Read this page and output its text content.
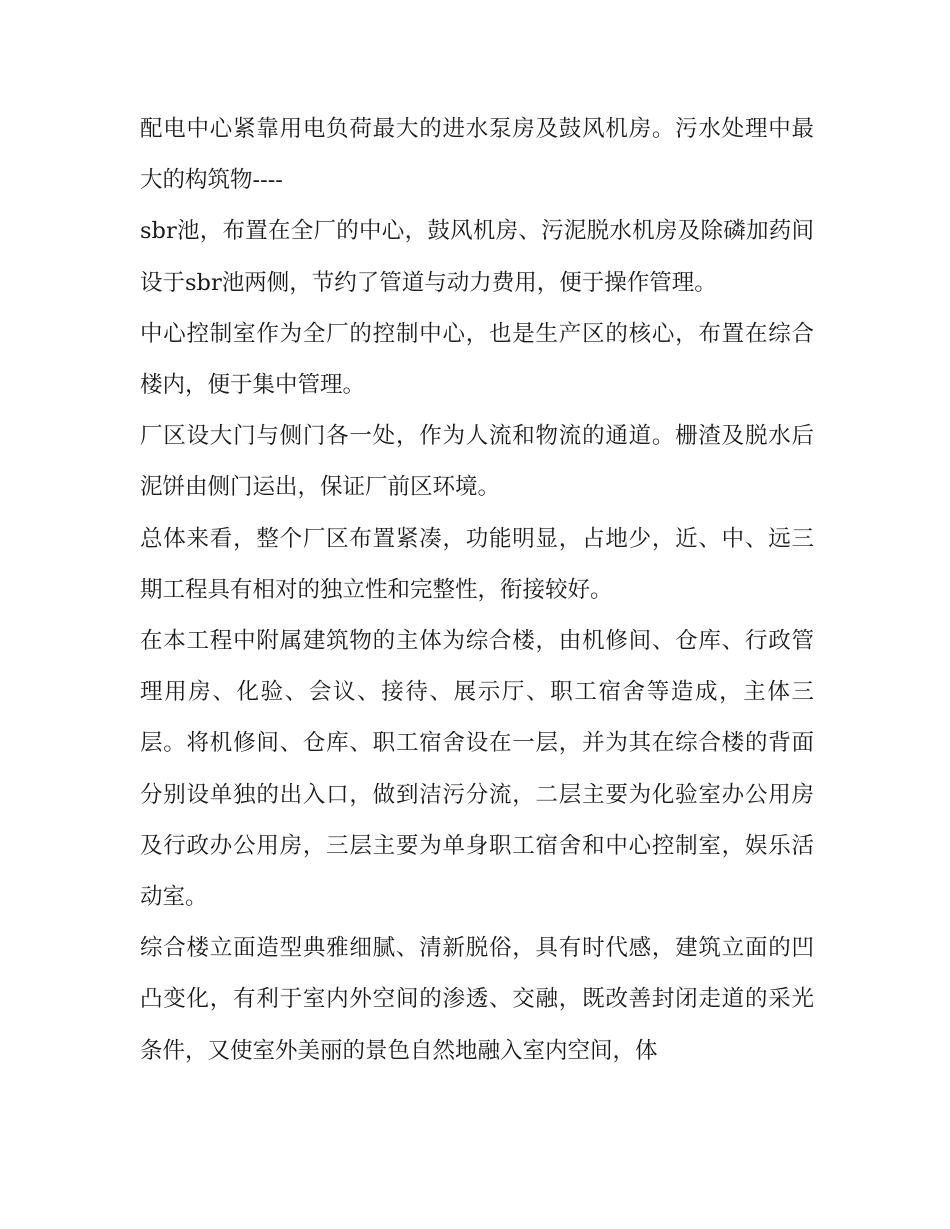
配电中心紧靠用电负荷最大的进水泵房及鼓风机房。污水处理中最大的构筑物----

sbr池，布置在全厂的中心，鼓风机房、污泥脱水机房及除磷加药间设于sbr池两侧，节约了管道与动力费用，便于操作管理。

中心控制室作为全厂的控制中心，也是生产区的核心，布置在综合楼内，便于集中管理。

厂区设大门与侧门各一处，作为人流和物流的通道。栅渣及脱水后泥饼由侧门运出，保证厂前区环境。

总体来看，整个厂区布置紧凑，功能明显，占地少，近、中、远三期工程具有相对的独立性和完整性，衔接较好。

在本工程中附属建筑物的主体为综合楼，由机修间、仓库、行政管理用房、化验、会议、接待、展示厅、职工宿舍等造成，主体三层。将机修间、仓库、职工宿舍设在一层，并为其在综合楼的背面分别设单独的出入口，做到洁污分流，二层主要为化验室办公用房及行政办公用房，三层主要为单身职工宿舍和中心控制室，娱乐活动室。

综合楼立面造型典雅细腻、清新脱俗，具有时代感，建筑立面的凹凸变化，有利于室内外空间的渗透、交融，既改善封闭走道的采光条件，又使室外美丽的景色自然地融入室内空间，体
